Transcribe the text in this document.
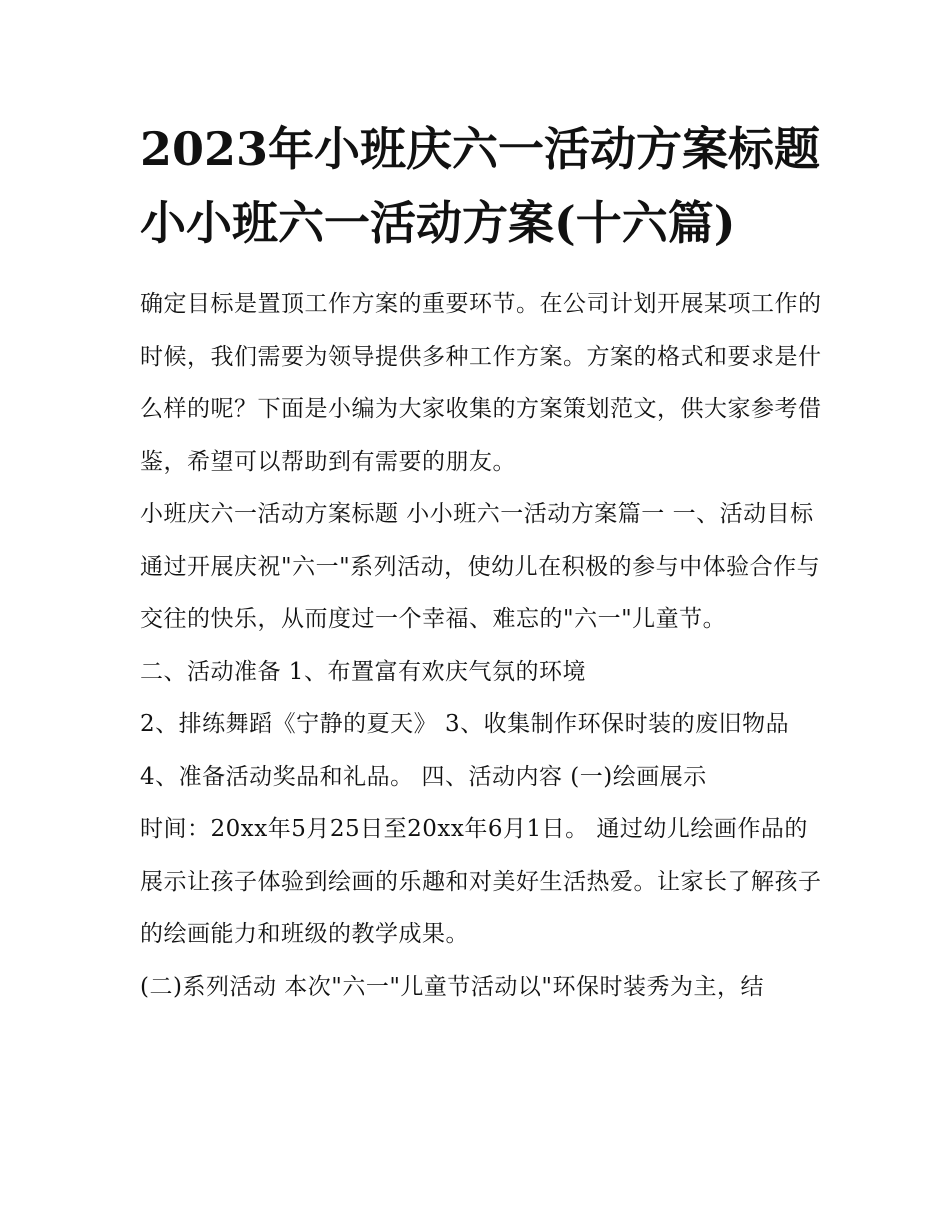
2023年小班庆六一活动方案标题 小小班六一活动方案(十六篇)

确定目标是置顶工作方案的重要环节。在公司计划开展某项工作的时候，我们需要为领导提供多种工作方案。方案的格式和要求是什么样的呢？下面是小编为大家收集的方案策划范文，供大家参考借鉴，希望可以帮助到有需要的朋友。

小班庆六一活动方案标题 小小班六一活动方案篇一 一、活动目标

通过开展庆祝"六一"系列活动，使幼儿在积极的参与中体验合作与交往的快乐，从而度过一个幸福、难忘的"六一"儿童节。

二、活动准备 1、布置富有欢庆气氛的环境

2、排练舞蹈《宁静的夏天》 3、收集制作环保时装的废旧物品 4、准备活动奖品和礼品。 四、活动内容 (一)绘画展示

时间：20xx年5月25日至20xx年6月1日。 通过幼儿绘画作品的展示让孩子体验到绘画的乐趣和对美好生活热爱。让家长了解孩子的绘画能力和班级的教学成果。

(二)系列活动 本次"六一"儿童节活动以"环保时装秀为主，结
